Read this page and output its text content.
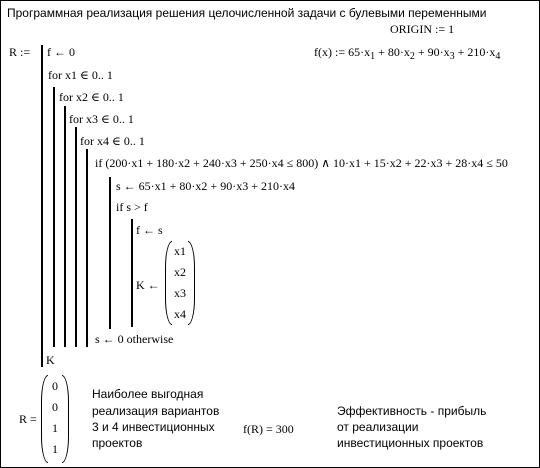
Программная реализация решения целочисленной задачи с булевыми переменными
ORIGIN := 1
f(x) := $65\cdot x_1 + 80\cdot x_2 + 90\cdot x_3 + 210\cdot x_4$
R := f ← 0
for x1 ∈ 0.. 1
for x2 ∈ 0.. 1
for x3 ∈ 0.. 1
for x4 ∈ 0.. 1
if (200·x1 + 180·x2 + 240·x3 + 250·x4 ≤ 800) ∧ 10·x1 + 15·x2 + 22·x3 + 28·x4 ≤ 50
s ← 65·x1 + 80·x2 + 90·x3 + 210·x4
if s > f
f ← s
K ←
x1
x2
x3
x4
s ← 0 otherwise
K
R =
0
0
1
1
Наиболее выгодная
реализация вариантов
3 и 4 инвестиционных
проектов
f(R) = 300
Эффективность - прибыль
от реализации
инвестиционных проектов
